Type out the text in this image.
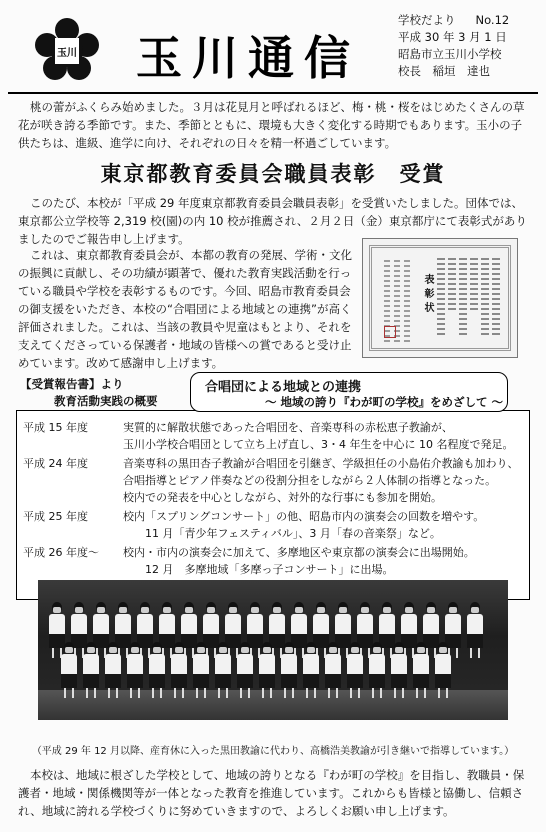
玉川 玉川通信
学校だより No.12
平成 30 年 3 月 1 日
昭島市立玉川小学校
校長　稲垣　達也

桃の蕾がふくらみ始めました。３月は花見月と呼ばれるほど、梅・桃・桜をはじめたくさんの草花が咲き誇る季節です。また、季節とともに、環境も大きく変化する時期でもあります。玉小の子供たちは、進級、進学に向け、それぞれの日々を精一杯過ごしています。

東京都教育委員会職員表彰　受賞

このたび、本校が「平成 29 年度東京都教育委員会職員表彰」を受賞いたしました。団体では、東京都公立学校等 2,319 校(園)の内 10 校が推薦され、２月２日（金）東京都庁にて表彰式がありましたのでご報告申し上げます。

これは、東京都教育委員会が、本都の教育の発展、学術・文化の振興に貢献し、その功績が顕著で、優れた教育実践活動を行っている職員や学校を表彰するものです。今回、昭島市教育委員会の御支援をいただき、本校の“合唱団による地域との連携”が高く評価されました。これは、当該の教員や児童はもとより、それを支えてくださっている保護者・地域の皆様への賞であると受け止めています。改めて感謝申し上げます。

表彰状
【受賞報告書】より
教育活動実践の概要
平成 15 年度	実質的に解散状態であった合唱団を、音楽専科の赤松恵子教諭が、
玉川小学校合唱団として立ち上げ直し、3・4 年生を中心に 10 名程度で発足。
平成 24 年度	音楽専科の黒田杏子教諭が合唱団を引継ぎ、学級担任の小島佑介教諭も加わり、
合唱指導とピアノ伴奏などの役割分担をしながら２人体制の指導となった。
校内での発表を中心としながら、対外的な行事にも参加を開始。
平成 25 年度	校内「スプリングコンサート」の他、昭島市内の演奏会の回数を増やす。
　　11 月「青少年フェスティバル」、3 月「春の音楽祭」など。
平成 26 年度～ 校内・市内の演奏会に加えて、多摩地区や東京都の演奏会に出場開始。
　　12 月　多摩地域「多摩っ子コンサート」に出場。
合唱団による地域との連携
～ 地域の誇り『わが町の学校』をめざして ～
（平成 29 年 12 月以降、産育休に入った黒田教諭に代わり、高橋浩美教諭が引き継いで指導しています。）

本校は、地域に根ざした学校として、地域の誇りとなる『わが町の学校』を目指し、教職員・保護者・地域・関係機関等が一体となった教育を推進しています。これからも皆様と協働し、信頼され、地域に誇れる学校づくりに努めていきますので、よろしくお願い申し上げます。
